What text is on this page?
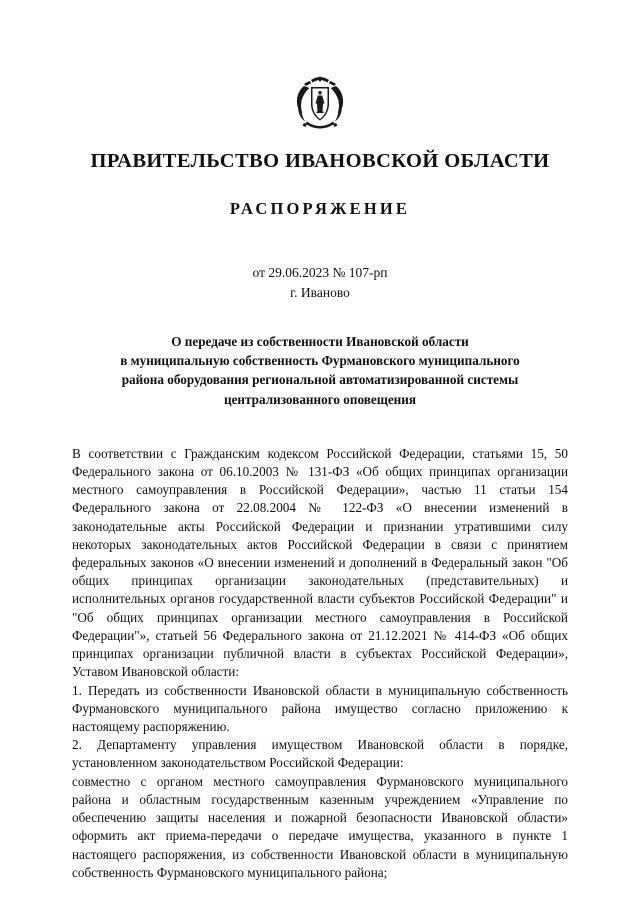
ПРАВИТЕЛЬСТВО ИВАНОВСКОЙ ОБЛАСТИ
РАСПОРЯЖЕНИЕ
от 29.06.2023 № 107-рп
г. Иваново
О передаче из собственности Ивановской области
в муниципальную собственность Фурмановского муниципального
района оборудования региональной автоматизированной системы
централизованного оповещения

В соответствии с Гражданским кодексом Российской Федерации, статьями 15, 50 Федерального закона от 06.10.2003 № 131-ФЗ «Об общих принципах организации местного самоуправления в Российской Федерации», частью 11 статьи 154 Федерального закона от 22.08.2004 № 122-ФЗ «О внесении изменений в законодательные акты Российской Федерации и признании утратившими силу некоторых законодательных актов Российской Федерации в связи с принятием федеральных законов «О внесении изменений и дополнений в Федеральный закон "Об общих принципах организации законодательных (представительных) и исполнительных органов государственной власти субъектов Российской Федерации" и "Об общих принципах организации местного самоуправления в Российской Федерации"», статьей 56 Федерального закона от 21.12.2021 № 414-ФЗ «Об общих принципах организации публичной власти в субъектах Российской Федерации», Уставом Ивановской области:

1. Передать из собственности Ивановской области в муниципальную собственность Фурмановского муниципального района имущество согласно приложению к настоящему распоряжению.

2. Департаменту управления имуществом Ивановской области в порядке, установленном законодательством Российской Федерации:

совместно с органом местного самоуправления Фурмановского муниципального района и областным государственным казенным учреждением «Управление по обеспечению защиты населения и пожарной безопасности Ивановской области» оформить акт приема-передачи о передаче имущества, указанного в пункте 1 настоящего распоряжения, из собственности Ивановской области в муниципальную собственность Фурмановского муниципального района;
